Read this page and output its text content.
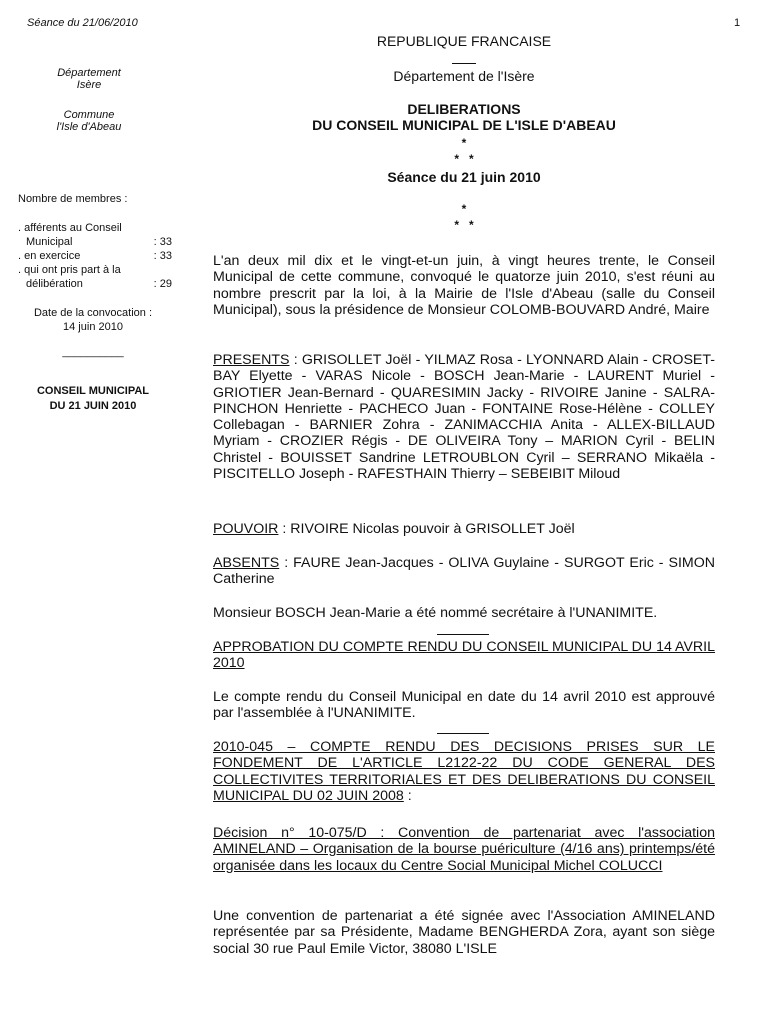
Séance du 21/06/2010	1
REPUBLIQUE FRANCAISE
Département de l'Isère
Département
Isère
Commune
l'Isle d'Abeau
Nombre de membres :
. afférents au Conseil
Municipal	: 33
. en exercice	: 33
. qui ont pris part à la
délibération	: 29
Date de la convocation :
14 juin 2010
__________
CONSEIL MUNICIPAL
DU 21 JUIN 2010
DELIBERATIONS
DU CONSEIL MUNICIPAL DE L'ISLE D'ABEAU
*
*   *
Séance du 21 juin 2010
*
*   *
L'an deux mil dix et le vingt-et-un juin, à vingt heures trente, le Conseil Municipal de cette commune, convoqué le quatorze juin 2010, s'est réuni au nombre prescrit par la loi, à la Mairie de l'Isle d'Abeau (salle du Conseil Municipal), sous la présidence de Monsieur COLOMB-BOUVARD André, Maire
PRESENTS : GRISOLLET Joël - YILMAZ Rosa - LYONNARD Alain - CROSET-BAY Elyette - VARAS Nicole - BOSCH Jean-Marie - LAURENT Muriel - GRIOTIER Jean-Bernard - QUARESIMIN Jacky - RIVOIRE Janine - SALRA-PINCHON Henriette - PACHECO Juan - FONTAINE Rose-Hélène - COLLEY Collebagan - BARNIER Zohra - ZANIMACCHIA Anita - ALLEX-BILLAUD Myriam - CROZIER Régis - DE OLIVEIRA Tony – MARION Cyril - BELIN Christel - BOUISSET Sandrine LETROUBLON Cyril – SERRANO Mikaëla - PISCITELLO Joseph - RAFESTHAIN Thierry – SEBEIBIT Miloud
POUVOIR : RIVOIRE Nicolas pouvoir à GRISOLLET Joël
ABSENTS : FAURE Jean-Jacques - OLIVA Guylaine - SURGOT Eric - SIMON Catherine
Monsieur BOSCH Jean-Marie a été nommé secrétaire à l'UNANIMITE.
APPROBATION DU COMPTE RENDU DU CONSEIL MUNICIPAL DU 14 AVRIL 2010
Le compte rendu du Conseil Municipal en date du 14 avril 2010 est approuvé par l'assemblée à l'UNANIMITE.
2010-045 – COMPTE RENDU DES DECISIONS PRISES SUR LE FONDEMENT DE L'ARTICLE L2122-22 DU CODE GENERAL DES COLLECTIVITES TERRITORIALES ET DES DELIBERATIONS DU CONSEIL MUNICIPAL DU 02 JUIN 2008 :
Décision n° 10-075/D : Convention de partenariat avec l'association AMINELAND – Organisation de la bourse puériculture (4/16 ans) printemps/été organisée dans les locaux du Centre Social Municipal Michel COLUCCI
Une convention de partenariat a été signée avec l'Association AMINELAND représentée par sa Présidente, Madame BENGHERDA Zora, ayant son siège social 30 rue Paul Emile Victor, 38080 L'ISLE
